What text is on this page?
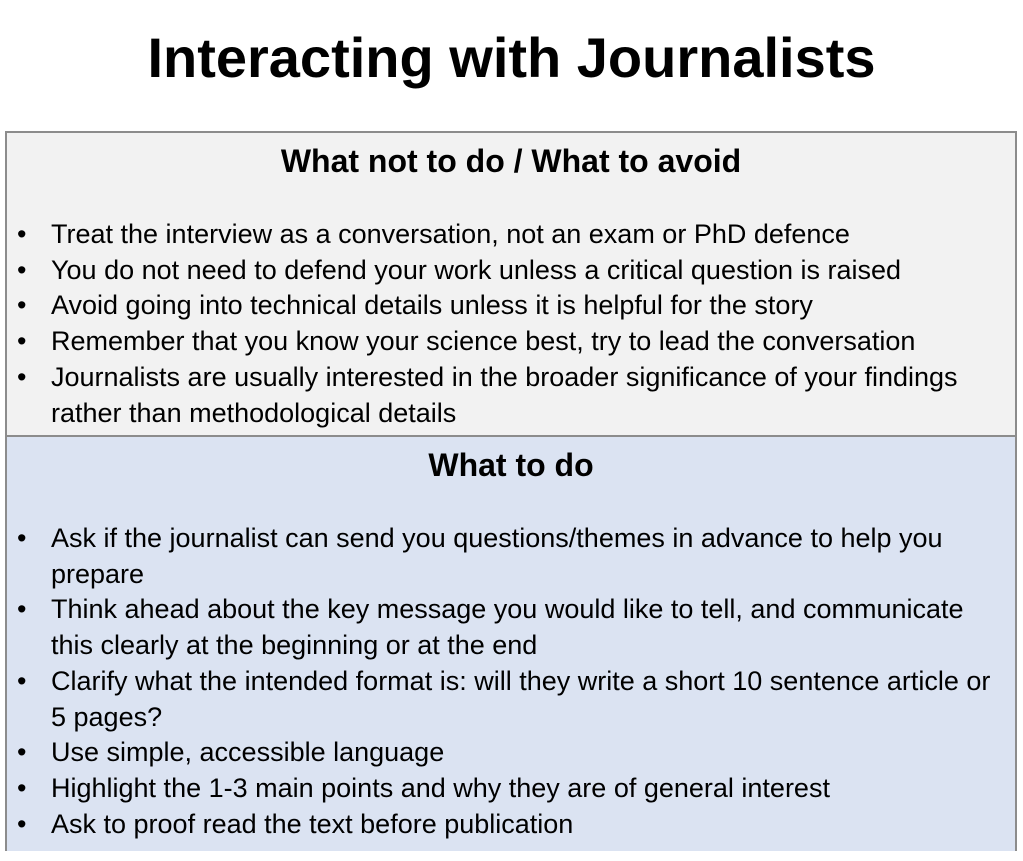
Interacting with Journalists
What not to do / What to avoid
• Treat the interview as a conversation, not an exam or PhD defence
• You do not need to defend your work unless a critical question is raised
• Avoid going into technical details unless it is helpful for the story
• Remember that you know your science best, try to lead the conversation
• Journalists are usually interested in the broader significance of your findings rather than methodological details
What to do
• Ask if the journalist can send you questions/themes in advance to help you prepare
• Think ahead about the key message you would like to tell, and communicate this clearly at the beginning or at the end
• Clarify what the intended format is: will they write a short 10 sentence article or 5 pages?
• Use simple, accessible language
• Highlight the 1-3 main points and why they are of general interest
• Ask to proof read the text before publication
